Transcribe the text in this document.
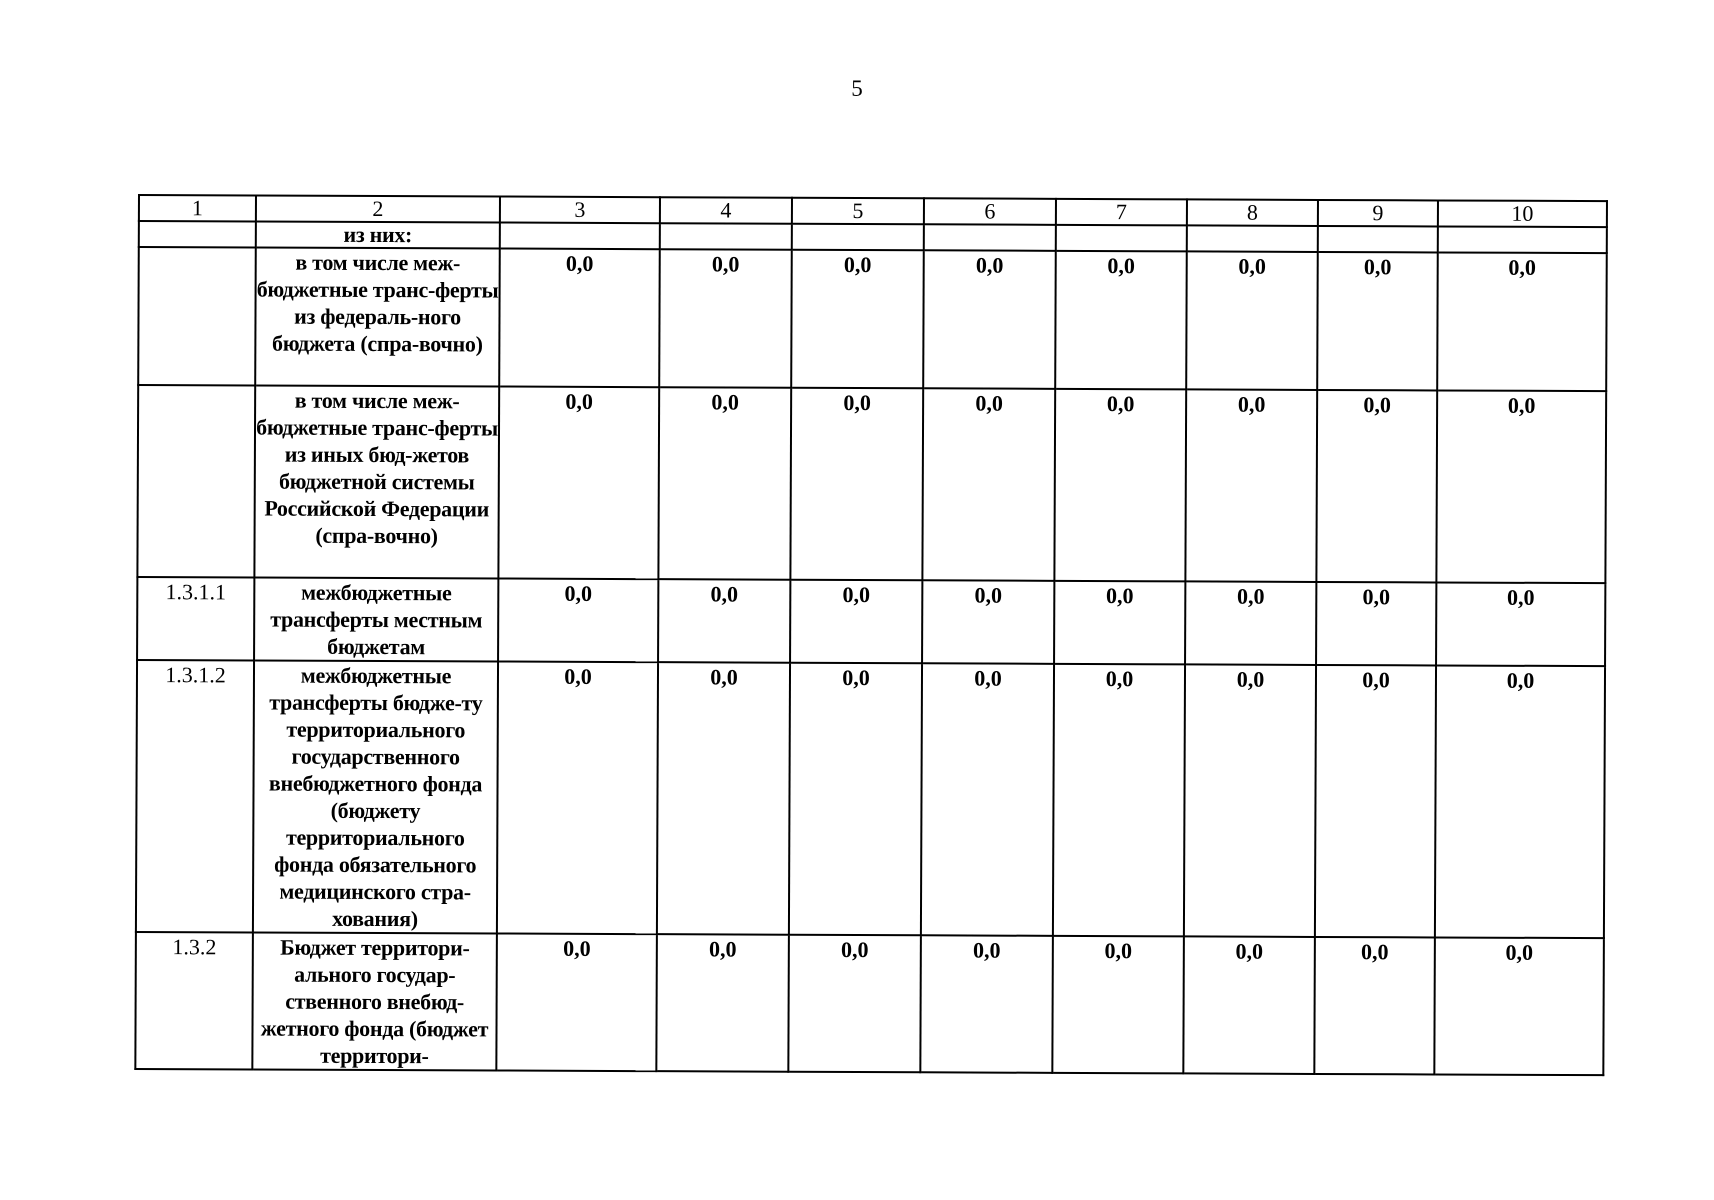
5
1	2	3	4	5	6	7	8	9	10
	из них:								
	в том числе меж-бюджетные транс-ферты из федераль-ного бюджета (спра-вочно)	0,0	0,0	0,0	0,0	0,0	0,0	0,0	0,0
	в том числе меж-бюджетные транс-ферты из иных бюд-жетов бюджетной системы Российской Федерации (спра-вочно)	0,0	0,0	0,0	0,0	0,0	0,0	0,0	0,0
1.3.1.1	межбюджетные трансферты местным бюджетам	0,0	0,0	0,0	0,0	0,0	0,0	0,0	0,0
1.3.1.2	межбюджетные трансферты бюдже-ту территориального государственного внебюджетного фонда (бюджету территориального фонда обязательного медицинского стра-хования)	0,0	0,0	0,0	0,0	0,0	0,0	0,0	0,0
1.3.2	Бюджет территори-ального государ-ственного внебюд-жетного фонда (бюджет территори-	0,0	0,0	0,0	0,0	0,0	0,0	0,0	0,0
